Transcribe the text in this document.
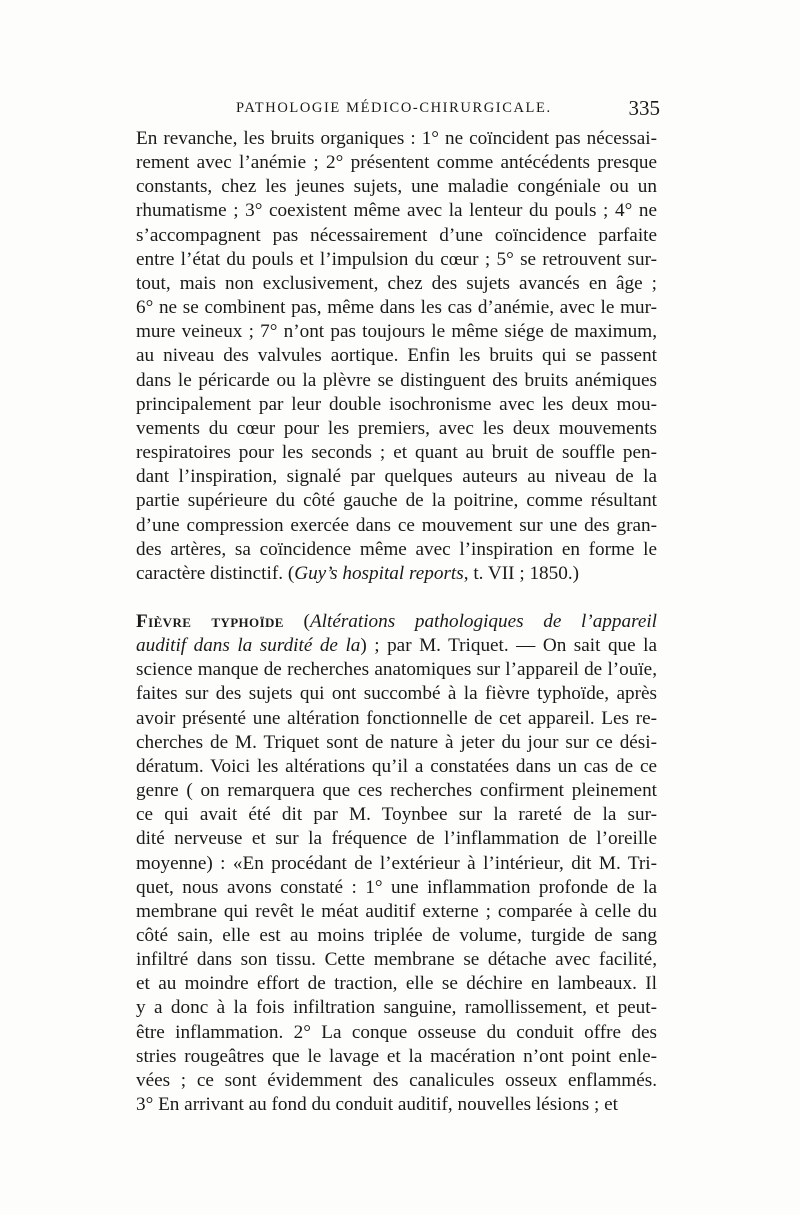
PATHOLOGIE MÉDICO-CHIRURGICALE.	335
En revanche, les bruits organiques : 1° ne coïncident pas nécessai-
rement avec l’anémie ; 2° présentent comme antécédents presque
constants, chez les jeunes sujets, une maladie congéniale ou un
rhumatisme ; 3° coexistent même avec la lenteur du pouls ; 4° ne
s’accompagnent pas nécessairement d’une coïncidence parfaite
entre l’état du pouls et l’impulsion du cœur ; 5° se retrouvent sur-
tout, mais non exclusivement, chez des sujets avancés en âge ;
6° ne se combinent pas, même dans les cas d’anémie, avec le mur-
mure veineux ; 7° n’ont pas toujours le même siége de maximum,
au niveau des valvules aortique. Enfin les bruits qui se passent
dans le péricarde ou la plèvre se distinguent des bruits anémiques
principalement par leur double isochronisme avec les deux mou-
vements du cœur pour les premiers, avec les deux mouvements
respiratoires pour les seconds ; et quant au bruit de souffle pen-
dant l’inspiration, signalé par quelques auteurs au niveau de la
partie supérieure du côté gauche de la poitrine, comme résultant
d’une compression exercée dans ce mouvement sur une des gran-
des artères, sa coïncidence même avec l’inspiration en forme le
caractère distinctif. (Guy’s hospital reports, t. VII ; 1850.)
Fièvre typhoïde (Altérations pathologiques de l’appareil
auditif dans la surdité de la) ; par M. Triquet. — On sait que la
science manque de recherches anatomiques sur l’appareil de l’ouïe,
faites sur des sujets qui ont succombé à la fièvre typhoïde, après
avoir présenté une altération fonctionnelle de cet appareil. Les re-
cherches de M. Triquet sont de nature à jeter du jour sur ce dési-
dératum. Voici les altérations qu’il a constatées dans un cas de ce
genre ( on remarquera que ces recherches confirment pleinement
ce qui avait été dit par M. Toynbee sur la rareté de la sur-
dité nerveuse et sur la fréquence de l’inflammation de l’oreille
moyenne) : «En procédant de l’extérieur à l’intérieur, dit M. Tri-
quet, nous avons constaté : 1° une inflammation profonde de la
membrane qui revêt le méat auditif externe ; comparée à celle du
côté sain, elle est au moins triplée de volume, turgide de sang
infiltré dans son tissu. Cette membrane se détache avec facilité,
et au moindre effort de traction, elle se déchire en lambeaux. Il
y a donc à la fois infiltration sanguine, ramollissement, et peut-
être inflammation. 2° La conque osseuse du conduit offre des
stries rougeâtres que le lavage et la macération n’ont point enle-
vées ; ce sont évidemment des canalicules osseux enflammés.
3° En arrivant au fond du conduit auditif, nouvelles lésions ; et
